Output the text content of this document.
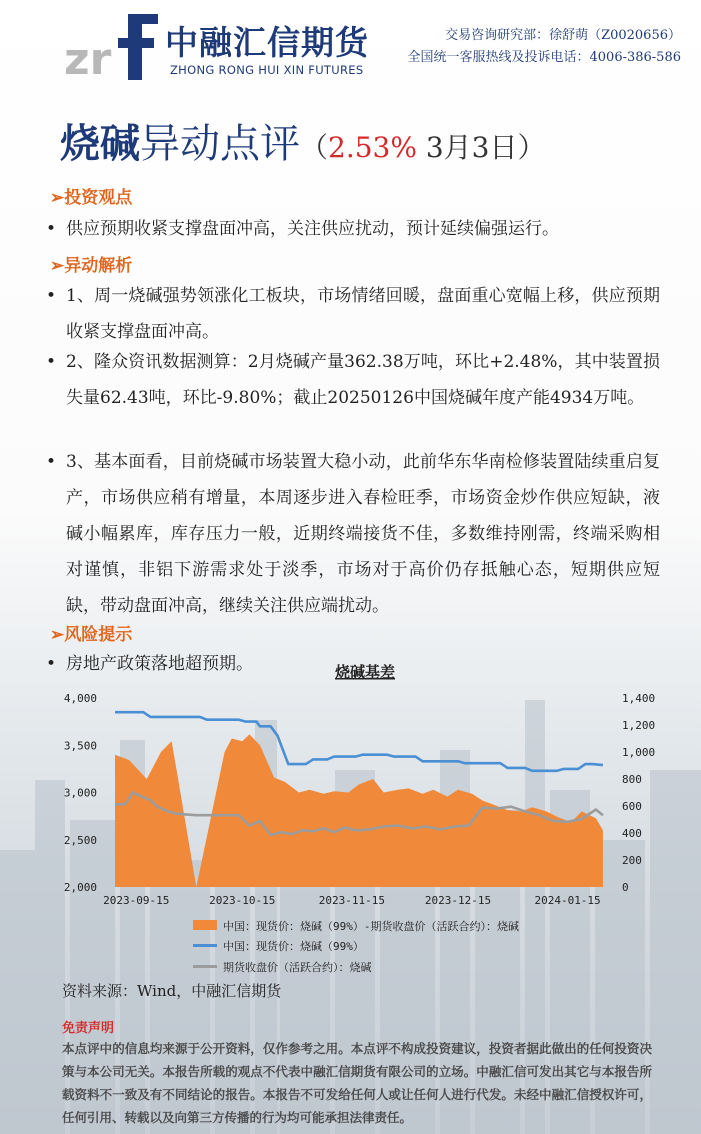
zr 中融汇信期货
ZHONG RONG HUI XIN FUTURES
交易咨询研究部：徐舒萌（Z0020656）
全国统一客服热线及投诉电话：4006-386-586
烧碱异动点评（2.53% 3月3日）
➢投资观点
• 供应预期收紧支撑盘面冲高，关注供应扰动，预计延续偏强运行。
➢异动解析
• 1、周一烧碱强势领涨化工板块，市场情绪回暖，盘面重心宽幅上移，供应预期收紧支撑盘面冲高。
• 2、隆众资讯数据测算：2月烧碱产量362.38万吨，环比+2.48%，其中装置损失量62.43吨，环比-9.80%；截止20250126中国烧碱年度产能4934万吨。
• 3、基本面看，目前烧碱市场装置大稳小动，此前华东华南检修装置陆续重启复产，市场供应稍有增量，本周逐步进入春检旺季，市场资金炒作供应短缺，液碱小幅累库，库存压力一般，近期终端接货不佳，多数维持刚需，终端采购相对谨慎，非铝下游需求处于淡季，市场对于高价仍存抵触心态，短期供应短缺，带动盘面冲高，继续关注供应端扰动。
➢风险提示
• 房地产政策落地超预期。	烧碱基差
2,000
2,500
3,000
3,500
4,000
0
200
400
600
800
1,000
1,200
1,400
2023-09-15	2023-10-15	2023-11-15	2023-12-15	2024-01-15
中国：现货价：烧碱（99%）-期货收盘价（活跃合约）：烧碱
中国：现货价：烧碱（99%）
期货收盘价（活跃合约）：烧碱
资料来源：Wind，中融汇信期货
免责声明
本点评中的信息均来源于公开资料，仅作参考之用。本点评不构成投资建议，投资者据此做出的任何投资决策与本公司无关。本报告所载的观点不代表中融汇信期货有限公司的立场。中融汇信可发出其它与本报告所载资料不一致及有不同结论的报告。本报告不可发给任何人或让任何人进行代发。未经中融汇信授权许可，任何引用、转载以及向第三方传播的行为均可能承担法律责任。
